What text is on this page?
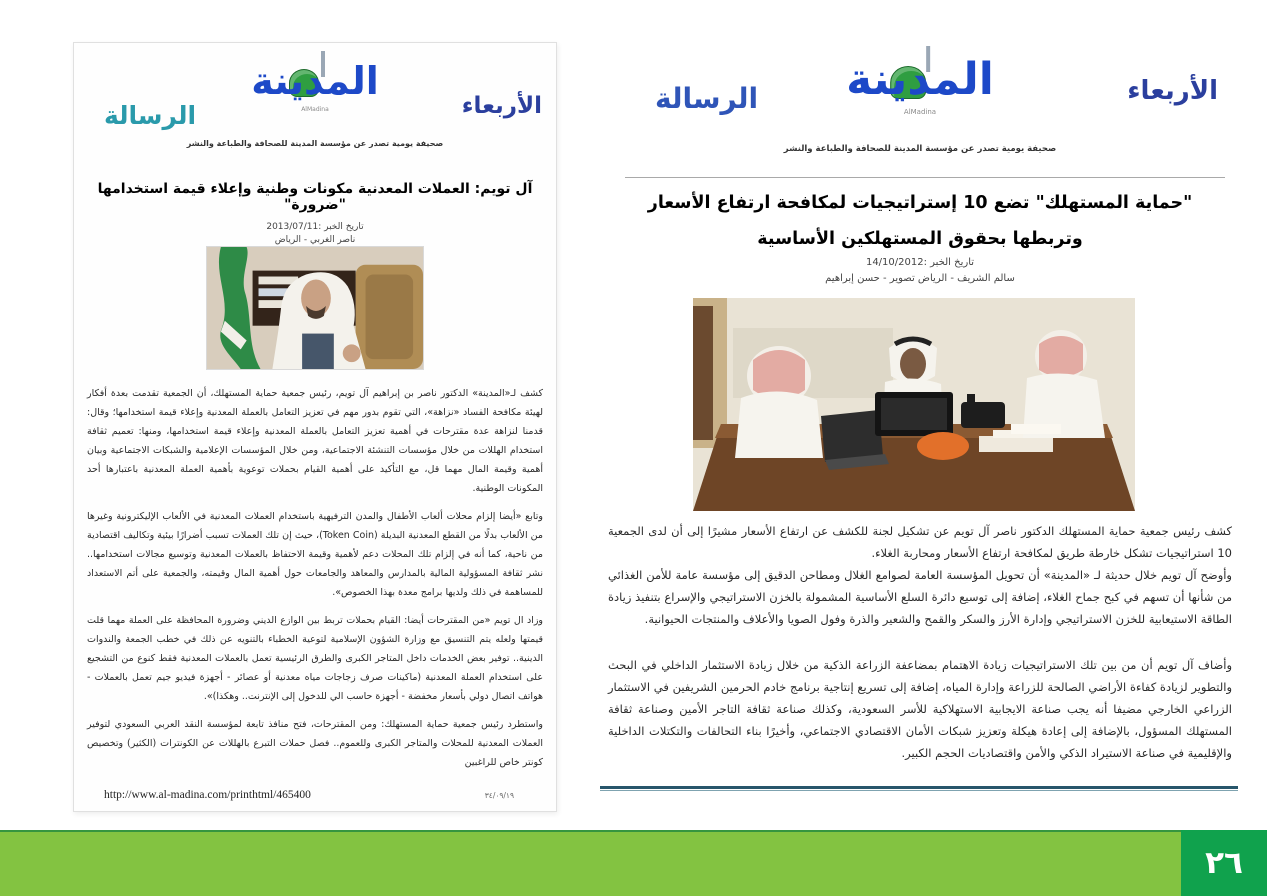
الرسالة
المدينة
AlMadina	الأربعاء
صحيفة يومية تصدر عن مؤسسة المدينة للصحافة والطباعة والنشر
آل تويم: العملات المعدنية مكونات وطنية وإعلاء قيمة استخدامها "ضرورة"
تاريخ الخبر :2013/07/11
ناصر الغربي - الرياض

كشف لـ«المدينة» الدكتور ناصر بن إبراهيم آل تويم، رئيس جمعية حماية المستهلك، أن الجمعية تقدمت بعدة أفكار لهيئة مكافحة الفساد «نزاهة»، التي تقوم بدور مهم في تعزيز التعامل بالعملة المعدنية وإعلاء قيمة استخدامها؛ وقال: قدمنا لنزاهة عدة مقترحات في أهمية تعزيز التعامل بالعملة المعدنية وإعلاء قيمة استخدامها، ومنها: تعميم ثقافة استخدام الهللات من خلال مؤسسات التنشئة الاجتماعية، ومن خلال المؤسسات الإعلامية والشبكات الاجتماعية وبيان أهمية وقيمة المال مهما قل، مع التأكيد على أهمية القيام بحملات توعوية بأهمية العملة المعدنية باعتبارها أحد المكونات الوطنية.

وتابع «أيضا إلزام محلات ألعاب الأطفال والمدن الترفيهية باستخدام العملات المعدنية في الألعاب الإليكترونية وغيرها من الألعاب بدلًا من القطع المعدنية البديلة (Token Coin)، حيث إن تلك العملات تسبب أضرارًا بيئية وتكاليف اقتصادية من ناحية، كما أنه في إلزام تلك المحلات دعم لأهمية وقيمة الاحتفاظ بالعملات المعدنية وتوسيع مجالات استخدامها.. نشر ثقافة المسؤولية المالية بالمدارس والمعاهد والجامعات حول أهمية المال وقيمته، والجمعية على أتم الاستعداد للمساهمة في ذلك ولديها برامج معدة بهذا الخصوص».

وزاد ال تويم «من المقترحات أيضا: القيام بحملات تربط بين الوازع الديني وضرورة المحافظة على العملة مهما قلت قيمتها ولعله يتم التنسيق مع وزارة الشؤون الإسلامية لتوعية الخطباء بالتنويه عن ذلك في خطب الجمعة والندوات الدينية.. توفير بعض الخدمات داخل المتاجر الكبرى والطرق الرئيسية تعمل بالعملات المعدنية فقط كنوع من التشجيع على استخدام العملة المعدنية (ماكينات صرف زجاجات مياه معدنية أو عصائر - أجهزة فيديو جيم تعمل بالعملات - هواتف اتصال دولي بأسعار مخفضة - أجهزة حاسب الي للدخول إلى الإنترنت.. وهكذا)».

واستطرد رئيس جمعية حماية المستهلك: ومن المقترحات، فتح منافذ تابعة لمؤسسة النقد العربي السعودي لتوفير العملات المعدنية للمحلات والمتاجر الكبرى وللعموم.. فصل حملات التبرع بالهللات عن الكونترات (الكثير) وتخصيص كونتر خاص للراغبين

http://www.al-madina.com/printhtml/465400	٣٤/٠٩/١٩
الرسالة المدينة
AlMadina
الأربعاء
صحيفة يومية تصدر عن مؤسسة المدينة للصحافة والطباعة والنشر
"حماية المستهلك" تضع 10 إستراتيجيات لمكافحة ارتفاع الأسعار وتربطها بحقوق المستهلكين الأساسية
تاريخ الخبر :14/10/2012
سالم الشريف - الرياض تصوير - حسن إبراهيم

كشف رئيس جمعية حماية المستهلك الدكتور ناصر آل تويم عن تشكيل لجنة للكشف عن ارتفاع الأسعار مشيرًا إلى أن لدى الجمعية 10 استراتيجيات تشكل خارطة طريق لمكافحة ارتفاع الأسعار ومحاربة الغلاء.

وأوضح آل تويم خلال حديثة لـ «المدينة» أن تحويل المؤسسة العامة لصوامع الغلال ومطاحن الدقيق إلى مؤسسة عامة للأمن الغذائي من شأنها أن تسهم في كبح جماح الغلاء، إضافة إلى توسيع دائرة السلع الأساسية المشمولة بالخزن الاستراتيجي والإسراع بتنفيذ زيادة الطاقة الاستيعابية للخزن الاستراتيجي وإدارة الأرز والسكر والقمح والشعير والذرة وفول الصويا والأعلاف والمنتجات الحيوانية.

وأضاف آل تويم أن من بين تلك الاستراتيجيات زيادة الاهتمام بمضاعفة الزراعة الذكية من خلال زيادة الاستثمار الداخلي في البحث والتطوير لزيادة كفاءة الأراضي الصالحة للزراعة وإدارة المياه، إضافة إلى تسريع إنتاجية برنامج خادم الحرمين الشريفين في الاستثمار الزراعي الخارجي مضيفا أنه يجب صناعة الايجابية الاستهلاكية للأسر السعودية، وكذلك صناعة ثقافة التاجر الأمين وصناعة ثقافة المستهلك المسؤول، بالإضافة إلى إعادة هيكلة وتعزيز شبكات الأمان الاقتصادي الاجتماعي، وأخيرًا بناء التحالفات والتكتلات الداخلية والإقليمية في صناعة الاستيراد الذكي والأمن واقتصاديات الحجم الكبير.

٢٦
